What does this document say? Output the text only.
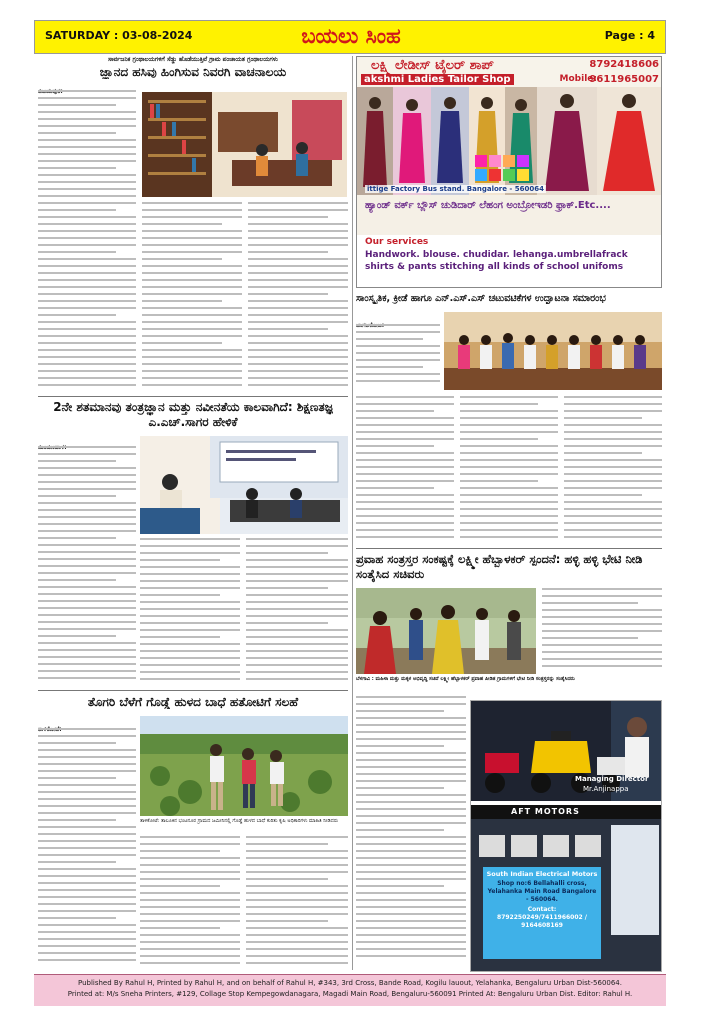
SATURDAY : 03-08-2024	ಬಯಲು ಸಿಂಹ	Page : 4
ಸಾರ್ವಜನಿಕ ಗ್ರಂಥಾಲಯಗಳಿಗೆ ಸೆಡ್ಡು ಹೊಡೆಯುತ್ತಿವೆ ಗ್ರಾಮ ಪಂಚಾಯತ ಗ್ರಂಥಾಲಯಗಳು
ಜ್ಞಾನದ ಹಸಿವು ಹಿಂಗಿಸುವ ನಿವರಗಿ ವಾಚನಾಲಯ
2ನೇ ಶತಮಾನವು ತಂತ್ರಜ್ಞಾನ ಮತ್ತು ನವೀನತೆಯ ಕಾಲವಾಗಿದೆ: ಶಿಕ್ಷಣತಜ್ಞ ಎ.ಎಚ್.ಸಾಗರ ಹೇಳಿಕೆ
ತೊಗರಿ ಬೆಳೆಗೆ ಗೊಡ್ಡೆ ಹುಳದ ಬಾಧೆ ಹತೋಟಿಗೆ ಸಲಹೆ
ತಾಳಿಕೋಟೆ: ತಾಲೂಕಿನ ಭಂಟನೂರ ಗ್ರಾಮದ ಜಮೀನಿನಲ್ಲಿ ಗೊಡ್ಡೆ ಹುಳದ ಬಾಧೆ ಕುರಿತು ಕೃಷಿ ಅಧಿಕಾರಿಗಳು ಮಾಹಿತಿ ನೀಡಿದರು
ಲಕ್ಷ್ಮಿ ಲೇಡೀಸ್ ಟೈಲರ್ ಶಾಪ್
akshmi Ladies Tailor Shop
8792418606
Mobile:
9611965007
ittige Factory Bus stand. Bangalore - 560064
ಹ್ಯಾಂಡ್ ವರ್ಕ್ ಬ್ಲೌಸ್ ಚುಡಿದಾರ್ ಲೆಹಂಗ ಅಂಬ್ರೋಇಡರಿ ಫ್ರಾಕ್.Etc....
Our services
Handwork. blouse. chudidar. lehanga.umbrellafrack shirts & pants stitching all kinds of school unifoms
ಸಾಂಸ್ಕೃತಿಕ, ಕ್ರೀಡೆ ಹಾಗೂ ಎನ್.ಎಸ್.ಎಸ್ ಚಟುವಟಿಕೆಗಳ ಉದ್ಘಾಟನಾ ಸಮಾರಂಭ
ಪ್ರವಾಹ ಸಂತ್ರಸ್ತರ ಸಂಕಷ್ಟಕ್ಕೆ ಲಕ್ಷ್ಮೀ ಹೆಬ್ಬಾಳಕರ್ ಸ್ಪಂದನೆ: ಹಳ್ಳಿ ಹಳ್ಳಿ ಭೇಟಿ ನೀಡಿ ಸಂತೈಸಿದ ಸಚಿವರು
ಬೆಳಗಾವಿ : ಮಹಿಳಾ ಮತ್ತು ಮಕ್ಕಳ ಅಭಿವೃದ್ಧಿ ಸಚಿವೆ ಲಕ್ಷ್ಮೀ ಹೆಬ್ಬಾಳಕರ್ ಪ್ರವಾಹ ಪೀಡಿತ ಗ್ರಾಮಗಳಿಗೆ ಭೇಟಿ ನೀಡಿ ಸಂತ್ರಸ್ತರನ್ನು ಸಂತೈಸಿದರು
Managing Director
Mr.Anjinappa
AFT MOTORS
South Indian Electrical Motors
Shop no:6 Bellahalli cross, Yelahanka Main Road Bangalore - 560064.
Contact:
8792250249/7411966002 / 9164608169
Published By Rahul H, Printed by Rahul H, and on behalf of Rahul H, #343, 3rd Cross, Bande Road, Kogilu lauout, Yelahanka, Bengaluru Urban Dist-560064.
Printed at: M/s Sneha Printers, #129, Collage Stop Kempegowdanagara, Magadi Main Road, Bengaluru-560091 Printed At: Bengaluru Urban Dist. Editor: Rahul H.
